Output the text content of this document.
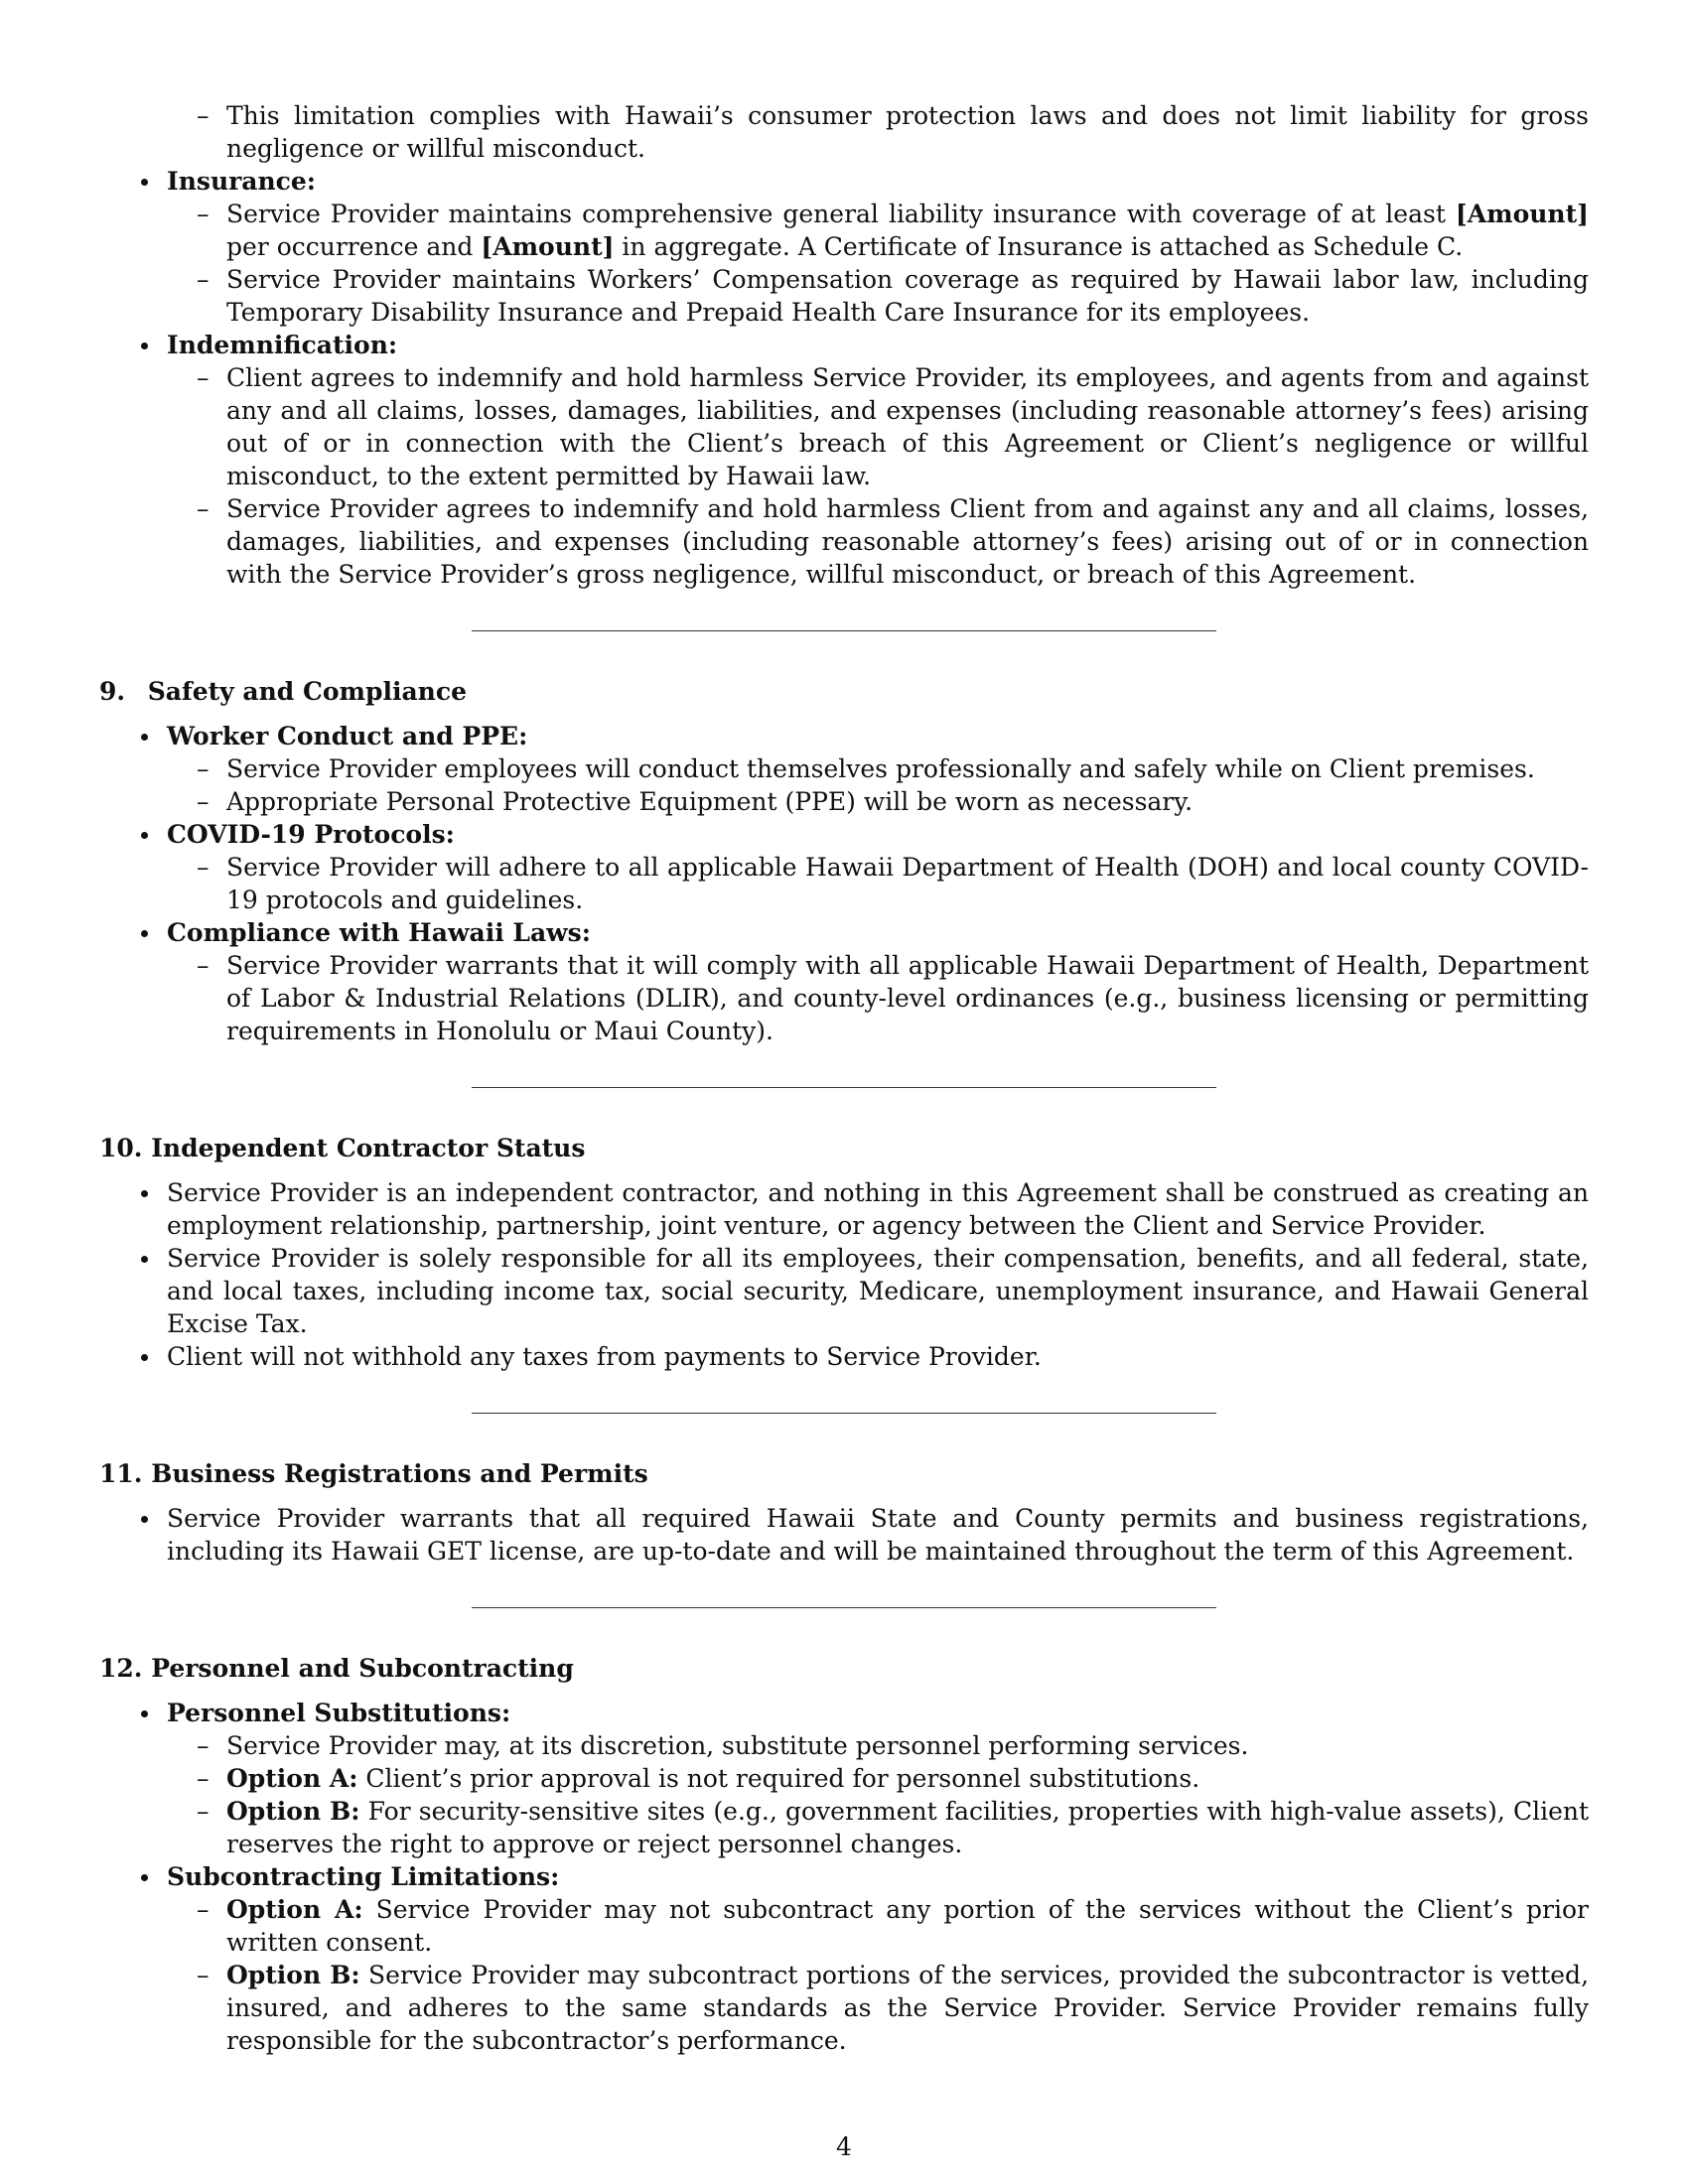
– This limitation complies with Hawaii’s consumer protection laws and does not limit liability for gross negligence or willful misconduct.
Insurance:
– Service Provider maintains comprehensive general liability insurance with coverage of at least [Amount] per occurrence and [Amount] in aggregate. A Certificate of Insurance is attached as Schedule C.
– Service Provider maintains Workers’ Compensation coverage as required by Hawaii labor law, including Temporary Disability Insurance and Prepaid Health Care Insurance for its employees.
Indemnification:
– Client agrees to indemnify and hold harmless Service Provider, its employees, and agents from and against any and all claims, losses, damages, liabilities, and expenses (including reasonable attorney’s fees) arising out of or in connection with the Client’s breach of this Agreement or Client’s negligence or willful misconduct, to the extent permitted by Hawaii law.
– Service Provider agrees to indemnify and hold harmless Client from and against any and all claims, losses, damages, liabilities, and expenses (including reasonable attorney’s fees) arising out of or in connection with the Service Provider’s gross negligence, willful misconduct, or breach of this Agreement.
9. Safety and Compliance
Worker Conduct and PPE:
– Service Provider employees will conduct themselves professionally and safely while on Client premises.
– Appropriate Personal Protective Equipment (PPE) will be worn as necessary.
COVID-19 Protocols:
– Service Provider will adhere to all applicable Hawaii Department of Health (DOH) and local county COVID-19 protocols and guidelines.
Compliance with Hawaii Laws:
– Service Provider warrants that it will comply with all applicable Hawaii Department of Health, Department of Labor & Industrial Relations (DLIR), and county-level ordinances (e.g., business licensing or permitting requirements in Honolulu or Maui County).
10. Independent Contractor Status
Service Provider is an independent contractor, and nothing in this Agreement shall be construed as creating an employment relationship, partnership, joint venture, or agency between the Client and Service Provider.
Service Provider is solely responsible for all its employees, their compensation, benefits, and all federal, state, and local taxes, including income tax, social security, Medicare, unemployment insurance, and Hawaii General Excise Tax.
Client will not withhold any taxes from payments to Service Provider.
11. Business Registrations and Permits
Service Provider warrants that all required Hawaii State and County permits and business registrations, including its Hawaii GET license, are up-to-date and will be maintained throughout the term of this Agreement.
12. Personnel and Subcontracting
Personnel Substitutions:
– Service Provider may, at its discretion, substitute personnel performing services.
– Option A: Client’s prior approval is not required for personnel substitutions.
– Option B: For security-sensitive sites (e.g., government facilities, properties with high-value assets), Client reserves the right to approve or reject personnel changes.
Subcontracting Limitations:
– Option A: Service Provider may not subcontract any portion of the services without the Client’s prior written consent.
– Option B: Service Provider may subcontract portions of the services, provided the subcontractor is vetted, insured, and adheres to the same standards as the Service Provider. Service Provider remains fully responsible for the subcontractor’s performance.
4
